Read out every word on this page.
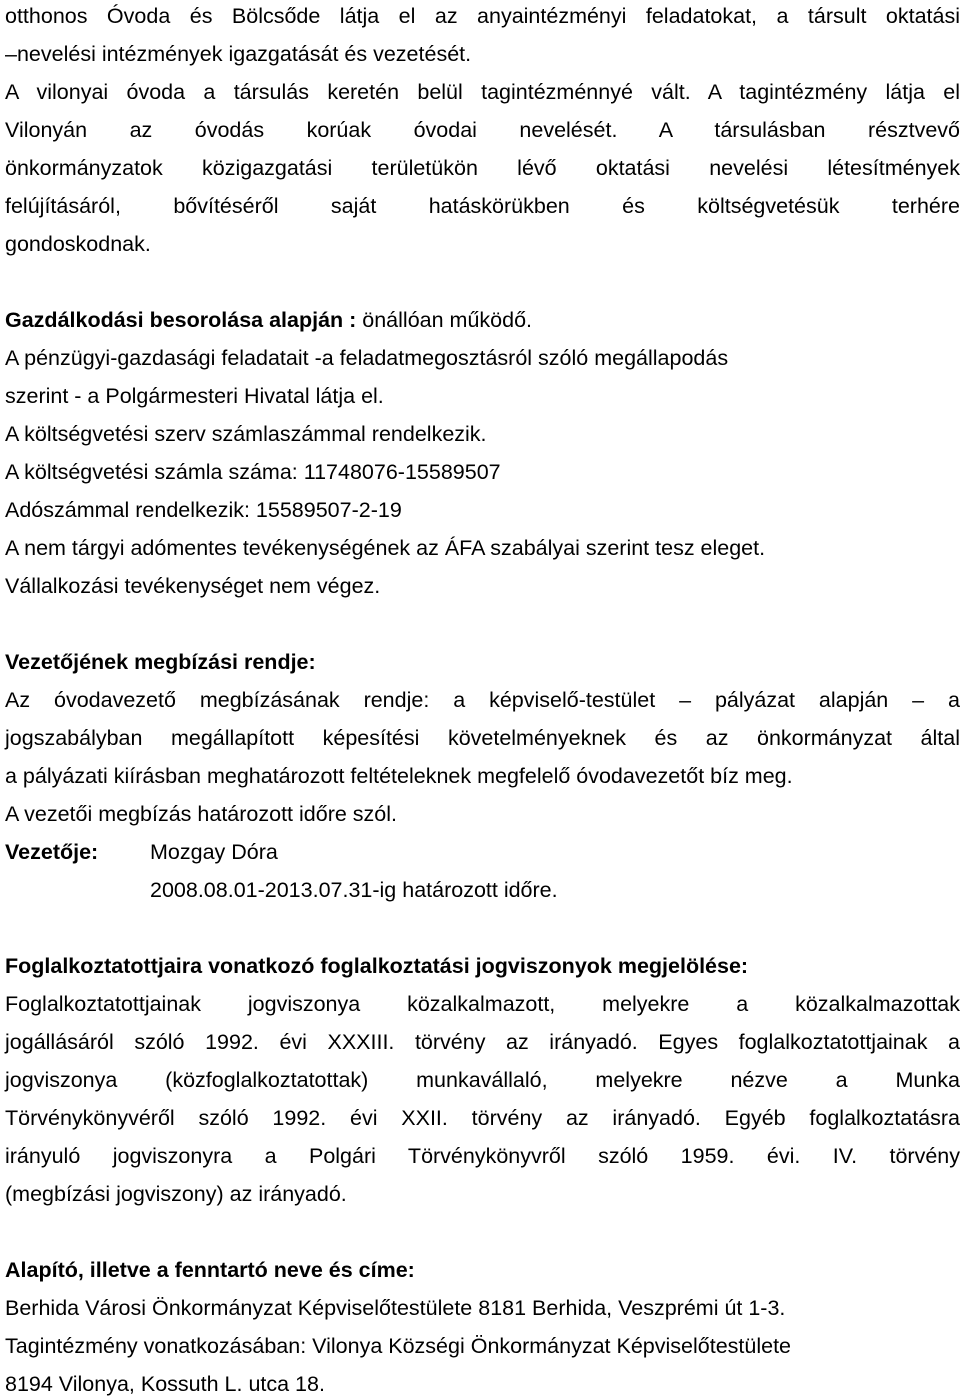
otthonos Óvoda és Bölcsőde látja el az anyaintézményi feladatokat, a társult oktatási
–nevelési intézmények igazgatását és vezetését.
A vilonyai óvoda a társulás keretén belül tagintézménnyé vált. A tagintézmény látja el
Vilonyán az óvodás korúak óvodai nevelését. A társulásban résztvevő
önkormányzatok közigazgatási területükön lévő oktatási nevelési létesítmények
felújításáról, bővítéséről saját hatáskörükben és költségvetésük terhére
gondoskodnak.
Gazdálkodási besorolása alapján : önállóan működő.
A pénzügyi-gazdasági feladatait -a feladatmegosztásról szóló megállapodás
szerint - a Polgármesteri Hivatal látja el.
A költségvetési szerv számlaszámmal rendelkezik.
A költségvetési számla száma: 11748076-15589507
Adószámmal rendelkezik: 15589507-2-19
A nem tárgyi adómentes tevékenységének az ÁFA szabályai szerint tesz eleget.
Vállalkozási tevékenységet nem végez.
Vezetőjének megbízási rendje:
Az óvodavezető megbízásának rendje: a képviselő-testület – pályázat alapján – a
jogszabályban megállapított képesítési követelményeknek és az önkormányzat által
a pályázati kiírásban meghatározott feltételeknek megfelelő óvodavezetőt bíz meg.
A vezetői megbízás határozott időre szól.
Vezetője: Mozgay Dóra
2008.08.01-2013.07.31-ig határozott időre.
Foglalkoztatottjaira vonatkozó foglalkoztatási jogviszonyok megjelölése:
Foglalkoztatottjainak jogviszonya közalkalmazott, melyekre a közalkalmazottak
jogállásáról szóló 1992. évi XXXIII. törvény az irányadó. Egyes foglalkoztatottjainak a
jogviszonya (közfoglalkoztatottak) munkavállaló, melyekre nézve a Munka
Törvénykönyvéről szóló 1992. évi XXII. törvény az irányadó. Egyéb foglalkoztatásra
irányuló jogviszonyra a Polgári Törvénykönyvről szóló 1959. évi. IV. törvény
(megbízási jogviszony) az irányadó.
Alapító, illetve a fenntartó neve és címe:
Berhida Városi Önkormányzat Képviselőtestülete 8181 Berhida, Veszprémi út 1-3.
Tagintézmény vonatkozásában: Vilonya Községi Önkormányzat Képviselőtestülete
8194 Vilonya, Kossuth L. utca 18.
